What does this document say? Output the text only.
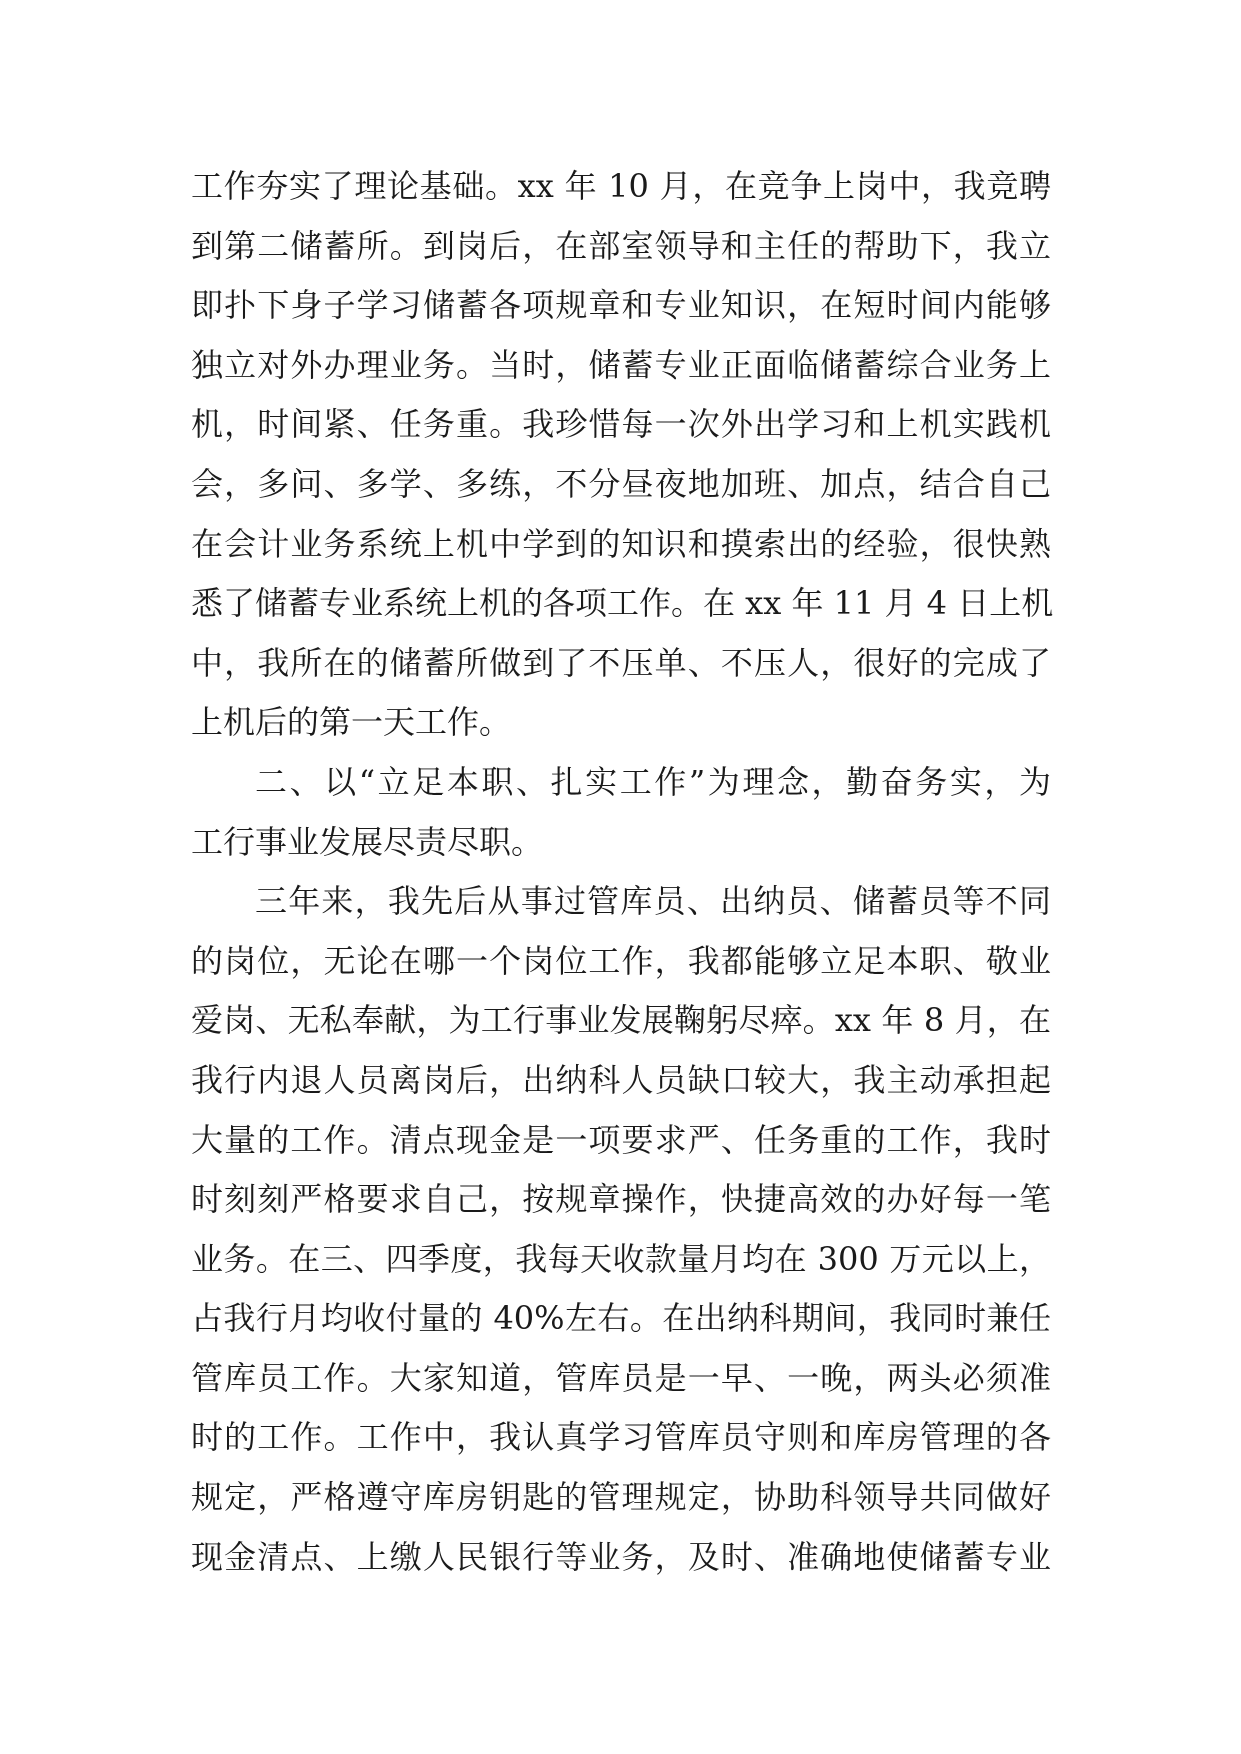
工作夯实了理论基础。xx 年 10 月，在竞争上岗中，我竞聘
到第二储蓄所。到岗后，在部室领导和主任的帮助下，我立
即扑下身子学习储蓄各项规章和专业知识，在短时间内能够
独立对外办理业务。当时，储蓄专业正面临储蓄综合业务上
机，时间紧、任务重。我珍惜每一次外出学习和上机实践机
会，多问、多学、多练，不分昼夜地加班、加点，结合自己
在会计业务系统上机中学到的知识和摸索出的经验，很快熟
悉了储蓄专业系统上机的各项工作。在 xx 年 11 月 4 日上机
中，我所在的储蓄所做到了不压单、不压人，很好的完成了
上机后的第一天工作。
二、以“立足本职、扎实工作”为理念，勤奋务实，为
工行事业发展尽责尽职。
三年来，我先后从事过管库员、出纳员、储蓄员等不同
的岗位，无论在哪一个岗位工作，我都能够立足本职、敬业
爱岗、无私奉献，为工行事业发展鞠躬尽瘁。xx 年 8 月，在
我行内退人员离岗后，出纳科人员缺口较大，我主动承担起
大量的工作。清点现金是一项要求严、任务重的工作，我时
时刻刻严格要求自己，按规章操作，快捷高效的办好每一笔
业务。在三、四季度，我每天收款量月均在 300 万元以上，
占我行月均收付量的 40%左右。在出纳科期间，我同时兼任
管库员工作。大家知道，管库员是一早、一晚，两头必须准
时的工作。工作中，我认真学习管库员守则和库房管理的各
规定，严格遵守库房钥匙的管理规定，协助科领导共同做好
现金清点、上缴人民银行等业务，及时、准确地使储蓄专业
